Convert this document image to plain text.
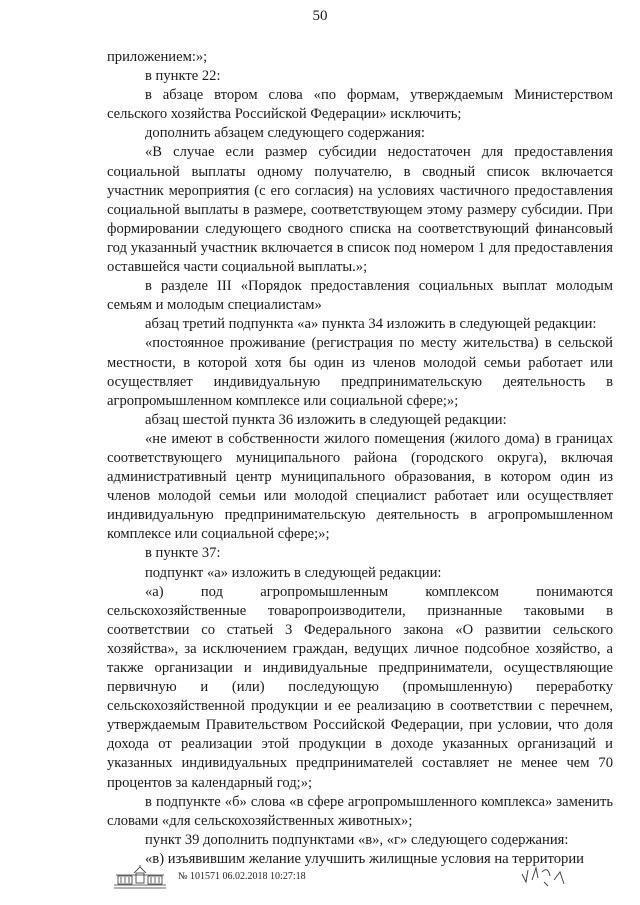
50

приложением:»;

в пункте 22:

в абзаце втором слова «по формам, утверждаемым Министерством сельского хозяйства Российской Федерации» исключить;

дополнить абзацем следующего содержания:

«В случае если размер субсидии недостаточен для предоставления социальной выплаты одному получателю, в сводный список включается участник мероприятия (с его согласия) на условиях частичного предоставления социальной выплаты в размере, соответствующем этому размеру субсидии. При формировании следующего сводного списка на соответствующий финансовый год указанный участник включается в список под номером 1 для предоставления оставшейся части социальной выплаты.»;

в разделе III «Порядок предоставления социальных выплат молодым семьям и молодым специалистам»

абзац третий подпункта «а» пункта 34 изложить в следующей редакции:

«постоянное проживание (регистрация по месту жительства) в сельской местности, в которой хотя бы один из членов молодой семьи работает или осуществляет индивидуальную предпринимательскую деятельность в агропромышленном комплексе или социальной сфере;»;

абзац шестой пункта 36 изложить в следующей редакции:

«не имеют в собственности жилого помещения (жилого дома) в границах соответствующего муниципального района (городского округа), включая административный центр муниципального образования, в котором один из членов молодой семьи или молодой специалист работает или осуществляет индивидуальную предпринимательскую деятельность в агропромышленном комплексе или социальной сфере;»;

в пункте 37:

подпункт «а» изложить в следующей редакции:

«а) под агропромышленным комплексом понимаются сельскохозяйственные товаропроизводители, признанные таковыми в соответствии со статьей 3 Федерального закона «О развитии сельского хозяйства», за исключением граждан, ведущих личное подсобное хозяйство, а также организации и индивидуальные предприниматели, осуществляющие первичную и (или) последующую (промышленную) переработку сельскохозяйственной продукции и ее реализацию в соответствии с перечнем, утверждаемым Правительством Российской Федерации, при условии, что доля дохода от реализации этой продукции в доходе указанных организаций и указанных индивидуальных предпринимателей составляет не менее чем 70 процентов за календарный год;»;

в подпункте «б» слова «в сфере агропромышленного комплекса» заменить словами «для сельскохозяйственных животных»;

пункт 39 дополнить подпунктами «в», «г» следующего содержания:

«в) изъявившим желание улучшить жилищные условия на территории

№ 101571 06.02.2018 10:27:18
